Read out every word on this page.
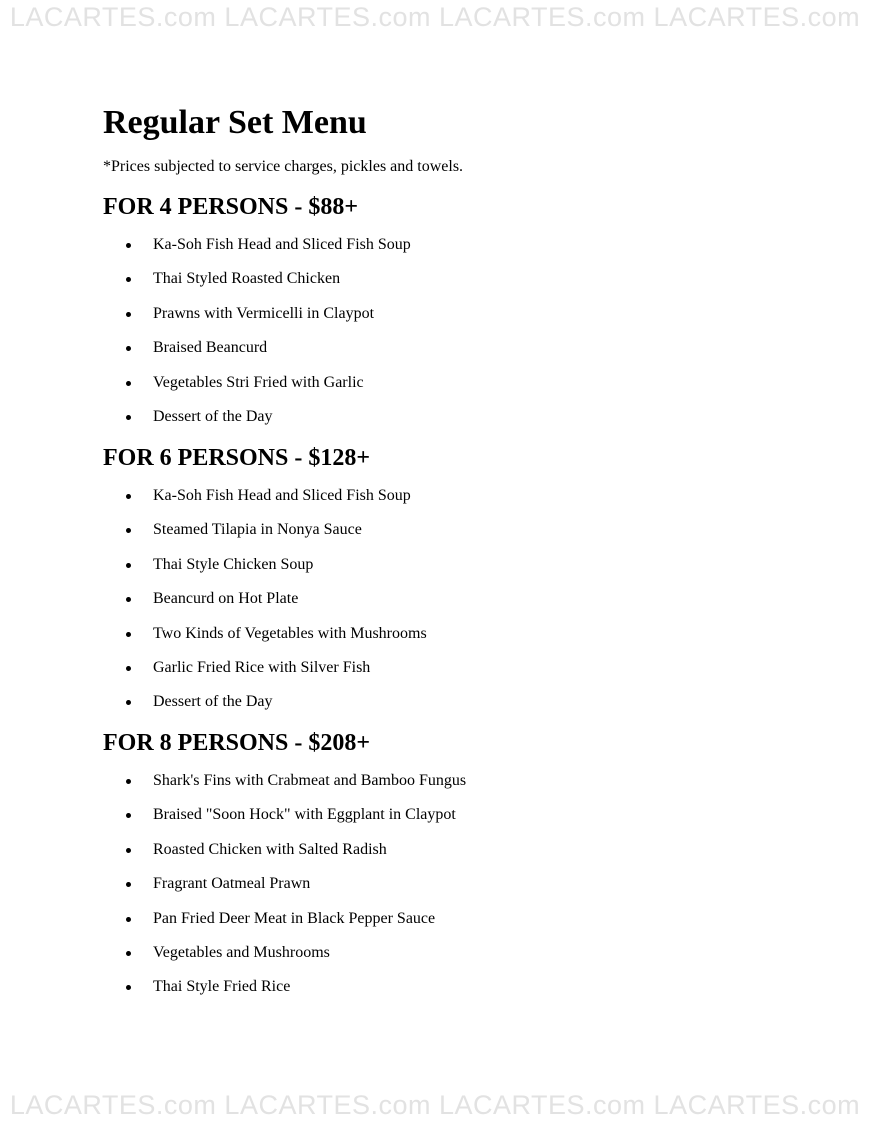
LACARTES.com LACARTES.com LACARTES.com LACARTES.com
Regular Set Menu

*Prices subjected to service charges, pickles and towels.

FOR 4 PERSONS - $88+
Ka-Soh Fish Head and Sliced Fish Soup
Thai Styled Roasted Chicken
Prawns with Vermicelli in Claypot
Braised Beancurd
Vegetables Stri Fried with Garlic
Dessert of the Day
FOR 6 PERSONS - $128+
Ka-Soh Fish Head and Sliced Fish Soup
Steamed Tilapia in Nonya Sauce
Thai Style Chicken Soup
Beancurd on Hot Plate
Two Kinds of Vegetables with Mushrooms
Garlic Fried Rice with Silver Fish
Dessert of the Day
FOR 8 PERSONS - $208+
Shark's Fins with Crabmeat and Bamboo Fungus
Braised "Soon Hock" with Eggplant in Claypot
Roasted Chicken with Salted Radish
Fragrant Oatmeal Prawn
Pan Fried Deer Meat in Black Pepper Sauce
Vegetables and Mushrooms
Thai Style Fried Rice
LACARTES.com LACARTES.com LACARTES.com LACARTES.com
